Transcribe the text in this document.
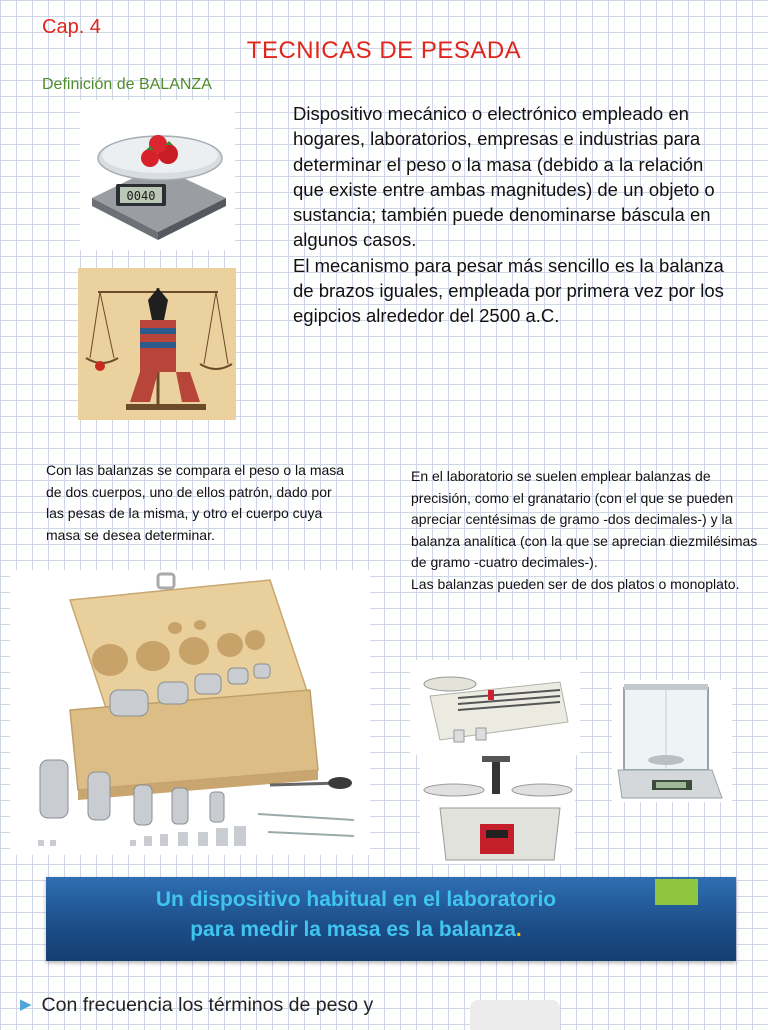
Cap. 4
TECNICAS DE PESADA
Definición de BALANZA
0040

Dispositivo mecánico o electrónico empleado en hogares, laboratorios, empresas e industrias para determinar el peso o la masa (debido a la relación que existe entre ambas magnitudes) de un objeto o sustancia; también puede denominarse báscula en algunos casos.

El mecanismo para pesar más sencillo es la balanza de brazos iguales, empleada por primera vez por los egipcios alrededor del 2500 a.C.

Con las balanzas se compara el peso o la masa de dos cuerpos, uno de ellos patrón, dado por las pesas de la misma, y otro el cuerpo cuya masa se desea determinar.

En el laboratorio se suelen emplear balanzas de precisión, como el granatario (con el que se pueden apreciar centésimas de gramo -dos decimales-) y la balanza analítica (con la que se aprecian diezmilésimas de gramo -cuatro decimales-).

Las balanzas pueden ser de dos platos o monoplato.

Un dispositivo habitual en el laboratorio
para medir la masa es la balanza.
▶ Con frecuencia los términos de peso y
